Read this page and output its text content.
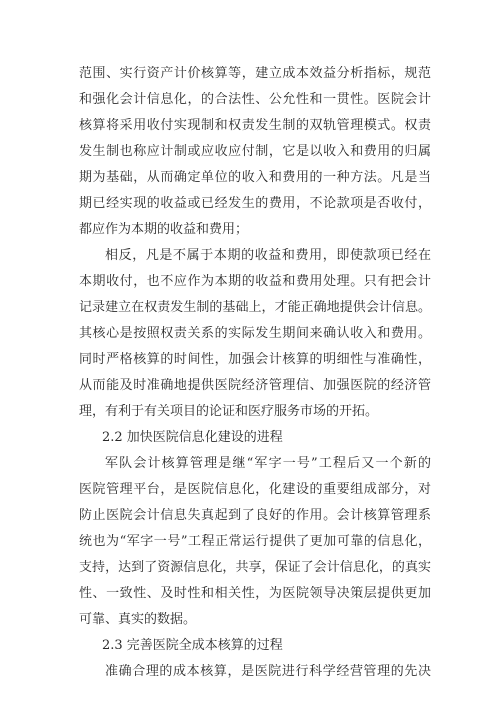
范围、实行资产计价核算等，建立成本效益分析指标，规范
和强化会计信息化，的合法性、公允性和一贯性。医院会计
核算将采用收付实现制和权责发生制的双轨管理模式。权责
发生制也称应计制或应收应付制，它是以收入和费用的归属
期为基础，从而确定单位的收入和费用的一种方法。凡是当
期已经实现的收益或已经发生的费用，不论款项是否收付，
都应作为本期的收益和费用；
相反，凡是不属于本期的收益和费用，即使款项已经在
本期收付，也不应作为本期的收益和费用处理。只有把会计
记录建立在权责发生制的基础上，才能正确地提供会计信息。
其核心是按照权责关系的实际发生期间来确认收入和费用。
同时严格核算的时间性，加强会计核算的明细性与准确性，
从而能及时准确地提供医院经济管理信、加强医院的经济管
理，有利于有关项目的论证和医疗服务市场的开拓。
2.2 加快医院信息化建设的进程
军队会计核算管理是继“军字一号”工程后又一个新的
医院管理平台，是医院信息化，化建设的重要组成部分，对
防止医院会计信息失真起到了良好的作用。会计核算管理系
统也为“军字一号”工程正常运行提供了更加可靠的信息化，
支持，达到了资源信息化，共享，保证了会计信息化，的真实
性、一致性、及时性和相关性，为医院领导决策层提供更加
可靠、真实的数据。
2.3 完善医院全成本核算的过程
准确合理的成本核算，是医院进行科学经营管理的先决
